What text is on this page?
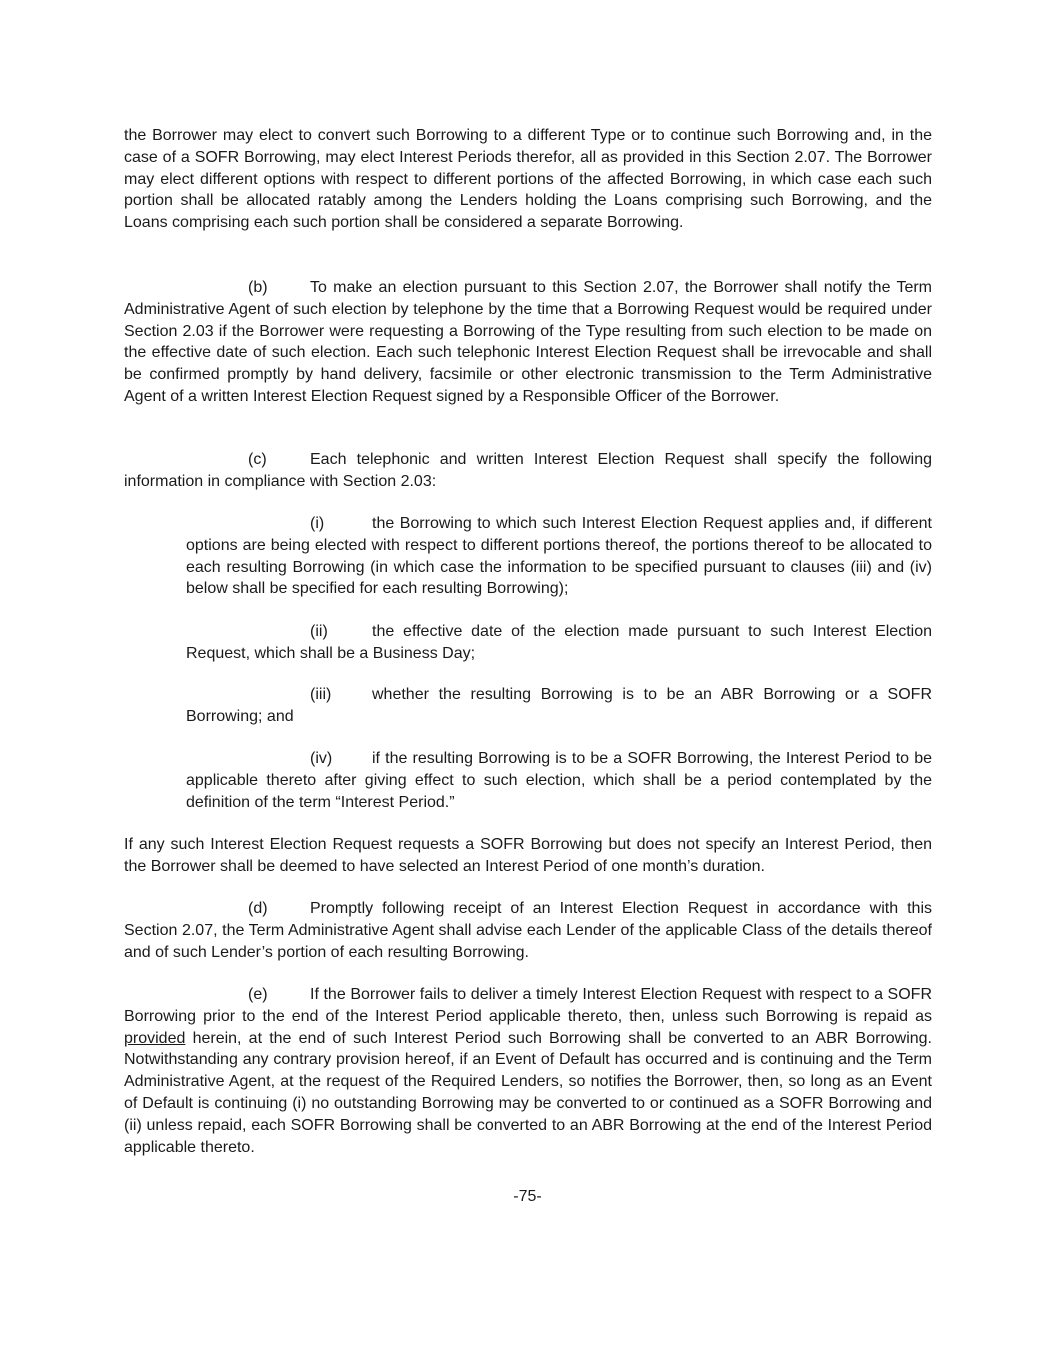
the Borrower may elect to convert such Borrowing to a different Type or to continue such Borrowing and, in the case of a SOFR Borrowing, may elect Interest Periods therefor, all as provided in this Section 2.07. The Borrower may elect different options with respect to different portions of the affected Borrowing, in which case each such portion shall be allocated ratably among the Lenders holding the Loans comprising such Borrowing, and the Loans comprising each such portion shall be considered a separate Borrowing.

(b)	To make an election pursuant to this Section 2.07, the Borrower shall notify the Term Administrative Agent of such election by telephone by the time that a Borrowing Request would be required under Section 2.03 if the Borrower were requesting a Borrowing of the Type resulting from such election to be made on the effective date of such election. Each such telephonic Interest Election Request shall be irrevocable and shall be confirmed promptly by hand delivery, facsimile or other electronic transmission to the Term Administrative Agent of a written Interest Election Request signed by a Responsible Officer of the Borrower.

(c)	Each telephonic and written Interest Election Request shall specify the following information in compliance with Section 2.03:

(i)	the Borrowing to which such Interest Election Request applies and, if different options are being elected with respect to different portions thereof, the portions thereof to be allocated to each resulting Borrowing (in which case the information to be specified pursuant to clauses (iii) and (iv) below shall be specified for each resulting Borrowing);

(ii)	the effective date of the election made pursuant to such Interest Election Request, which shall be a Business Day;

(iii)	whether the resulting Borrowing is to be an ABR Borrowing or a SOFR Borrowing; and

(iv) if the resulting Borrowing is to be a SOFR Borrowing, the Interest Period to be applicable thereto after giving effect to such election, which shall be a period contemplated by the definition of the term “Interest Period.”

If any such Interest Election Request requests a SOFR Borrowing but does not specify an Interest Period, then the Borrower shall be deemed to have selected an Interest Period of one month’s duration.

(d)	Promptly following receipt of an Interest Election Request in accordance with this Section 2.07, the Term Administrative Agent shall advise each Lender of the applicable Class of the details thereof and of such Lender’s portion of each resulting Borrowing.

(e)	If the Borrower fails to deliver a timely Interest Election Request with respect to a SOFR Borrowing prior to the end of the Interest Period applicable thereto, then, unless such Borrowing is repaid as provided herein, at the end of such Interest Period such Borrowing shall be converted to an ABR Borrowing. Notwithstanding any contrary provision hereof, if an Event of Default has occurred and is continuing and the Term Administrative Agent, at the request of the Required Lenders, so notifies the Borrower, then, so long as an Event of Default is continuing (i) no outstanding Borrowing may be converted to or continued as a SOFR Borrowing and (ii) unless repaid, each SOFR Borrowing shall be converted to an ABR Borrowing at the end of the Interest Period applicable thereto.

-75-
